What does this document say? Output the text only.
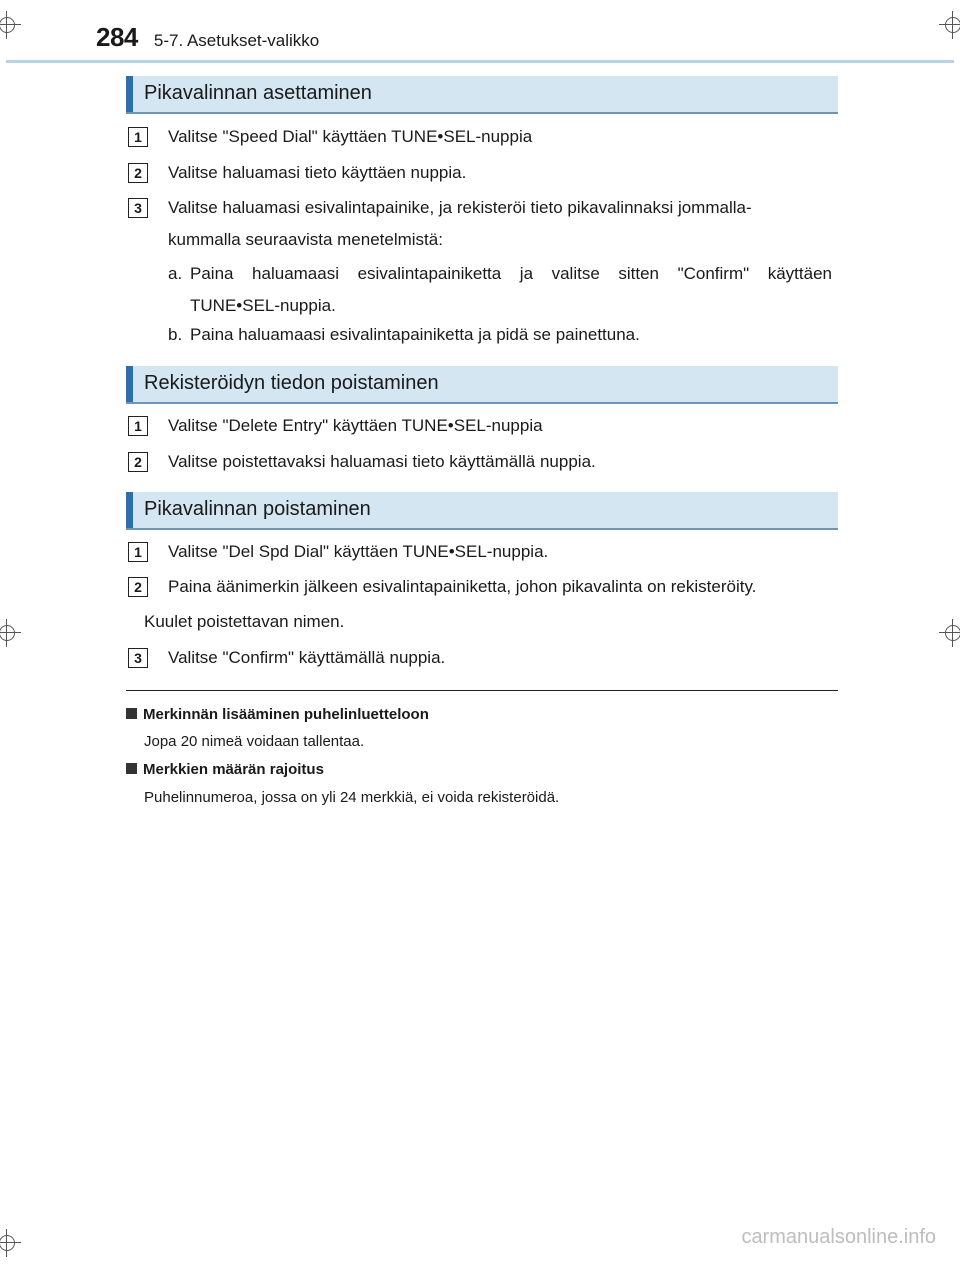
284 5-7. Asetukset-valikko
Pikavalinnan asettaminen
1	Valitse "Speed Dial" käyttäen TUNE•SEL-nuppia
2	Valitse haluamasi tieto käyttäen nuppia.
3	Valitse haluamasi esivalintapainike, ja rekisteröi tieto pikavalinnaksi jommalla-
kummalla seuraavista menetelmistä:
a. Paina haluamaasi esivalintapainiketta ja valitse sitten "Confirm" käyttäen
TUNE•SEL-nuppia.
b. Paina haluamaasi esivalintapainiketta ja pidä se painettuna.
Rekisteröidyn tiedon poistaminen
1	Valitse "Delete Entry" käyttäen TUNE•SEL-nuppia
2	Valitse poistettavaksi haluamasi tieto käyttämällä nuppia.
Pikavalinnan poistaminen
1	Valitse "Del Spd Dial" käyttäen TUNE•SEL-nuppia.
2	Paina äänimerkin jälkeen esivalintapainiketta, johon pikavalinta on rekisteröity.
Kuulet poistettavan nimen.
3	Valitse "Confirm" käyttämällä nuppia.
Merkinnän lisääminen puhelinluetteloon
Jopa 20 nimeä voidaan tallentaa.
Merkkien määrän rajoitus
Puhelinnumeroa, jossa on yli 24 merkkiä, ei voida rekisteröidä.
carmanualsonline.info
